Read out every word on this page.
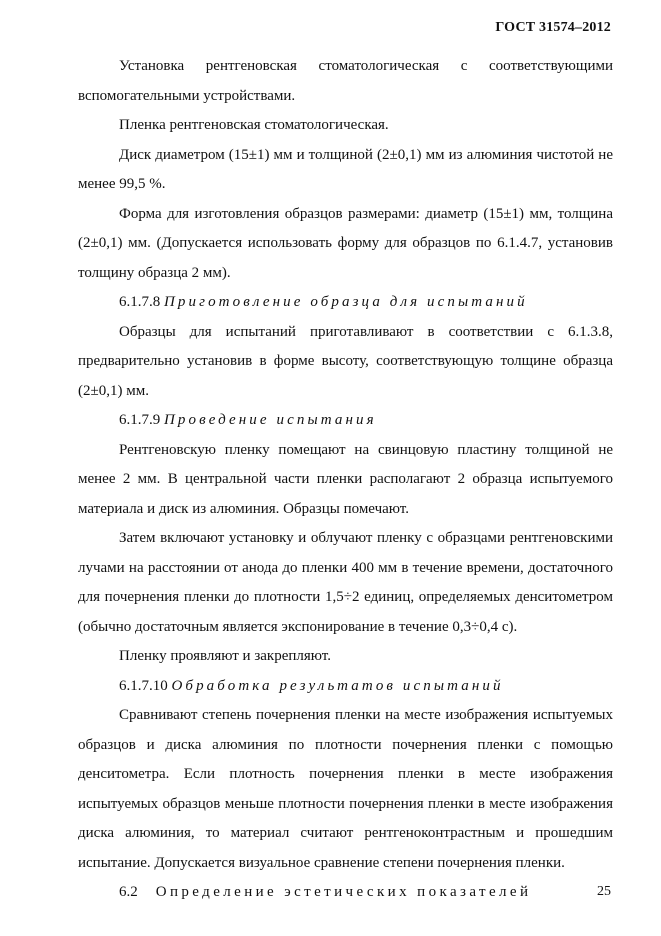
ГОСТ 31574–2012

Установка рентгеновская стоматологическая с соответствующими вспомогательными устройствами.

Пленка рентгеновская стоматологическая.

Диск диаметром (15±1) мм и толщиной (2±0,1) мм из алюминия чистотой не менее 99,5 %.

Форма для изготовления образцов размерами: диаметр (15±1) мм, толщина (2±0,1) мм. (Допускается использовать форму для образцов по 6.1.4.7, установив толщину образца 2 мм).

6.1.7.8 Приготовление образца для испытаний

Образцы для испытаний приготавливают в соответствии с 6.1.3.8, предварительно установив в форме высоту, соответствующую толщине образца (2±0,1) мм.

6.1.7.9 Проведение испытания

Рентгеновскую пленку помещают на свинцовую пластину толщиной не менее 2 мм. В центральной части пленки располагают 2 образца испытуемого материала и диск из алюминия. Образцы помечают.

Затем включают установку и облучают пленку с образцами рентгеновскими лучами на расстоянии от анода до пленки 400 мм в течение времени, достаточного для почернения пленки до плотности 1,5÷2 единиц, определяемых денситометром (обычно достаточным является экспонирование в течение 0,3÷0,4 с).

Пленку проявляют и закрепляют.

6.1.7.10 Обработка результатов испытаний

Сравнивают степень почернения пленки на месте изображения испытуемых образцов и диска алюминия по плотности почернения пленки с помощью денситометра. Если плотность почернения пленки в месте изображения испытуемых образцов меньше плотности почернения пленки в месте изображения диска алюминия, то материал считают рентгеноконтрастным и прошедшим испытание. Допускается визуальное сравнение степени почернения пленки.

6.2 Определение эстетических показателей	25
